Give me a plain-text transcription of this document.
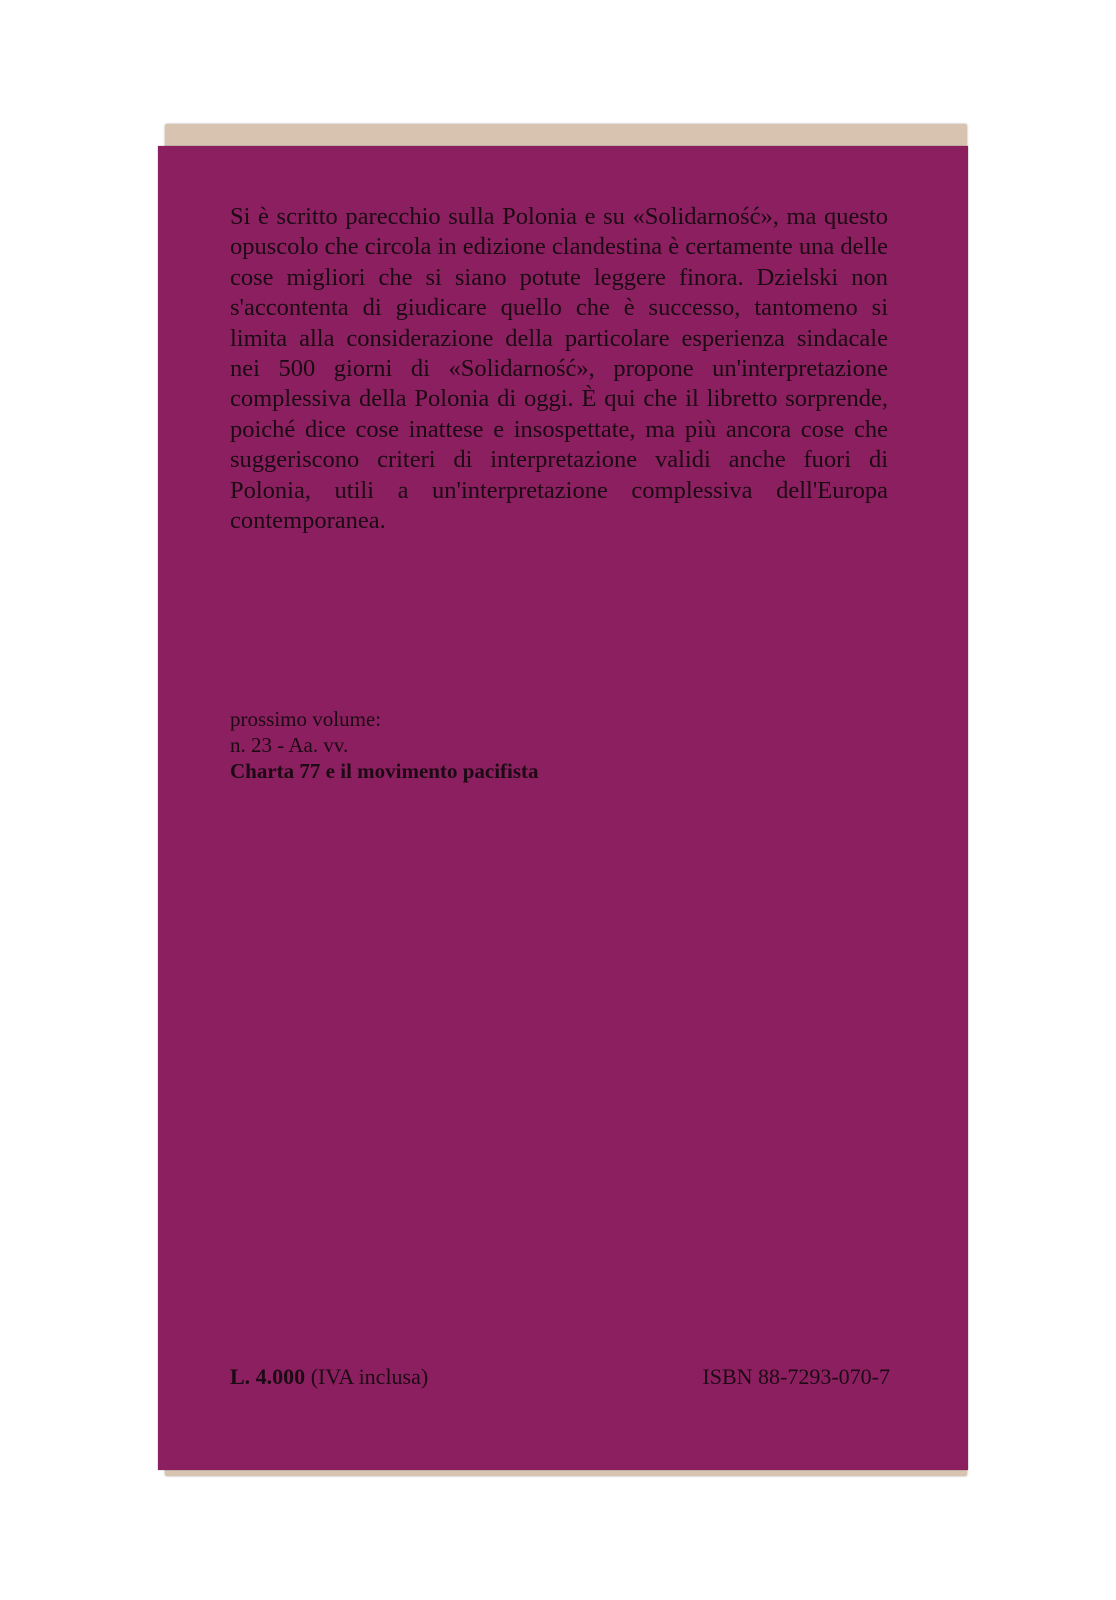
Si è scritto parecchio sulla Polonia e su «Solidarność», ma questo opuscolo che circola in edizione clandestina è certamente una delle cose migliori che si siano potute leggere finora. Dzielski non s'accontenta di giudicare quello che è successo, tantomeno si limita alla considerazione della particolare esperienza sindacale nei 500 giorni di «Solidarność», propone un'interpretazione complessiva della Polonia di oggi. È qui che il libretto sorprende, poiché dice cose inattese e insospettate, ma più ancora cose che suggeriscono criteri di interpretazione validi anche fuori di Polonia, utili a un'interpretazione complessiva dell'Europa contemporanea.

prossimo volume:
n. 23 - Aa. vv.
Charta 77 e il movimento pacifista
L. 4.000 (IVA inclusa)	ISBN 88-7293-070-7
